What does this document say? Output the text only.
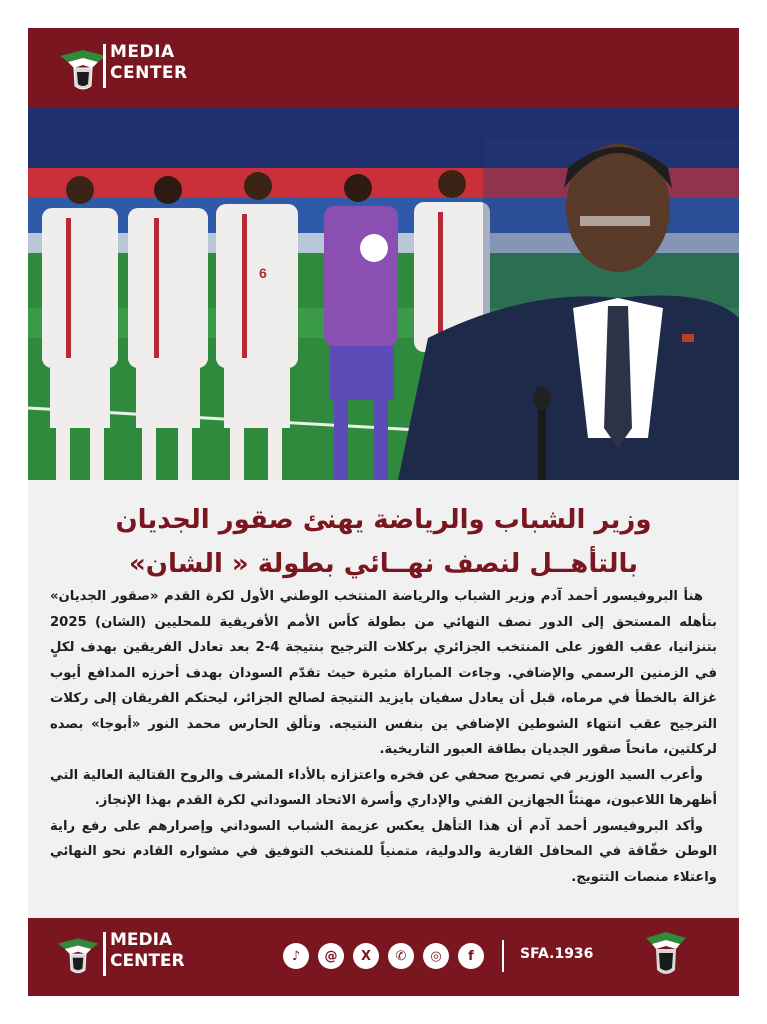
MEDIA
CENTER
6
وزير الشباب والرياضة يهنئ صقور الجديان
بالتأهــل لنصف نهــائي بطولة « الشان»

هنأ البروفيسور أحمد آدم وزير الشباب والرياضة المنتخب الوطني الأول لكرة القدم «صقور الجديان» بتأهله المستحق إلى الدور نصف النهائي من بطولة كأس الأمم الأفريقية للمحليين (الشان) 2025 بتنزانيا، عقب الفوز على المنتخب الجزائري بركلات الترجيح بنتيجة 4-2 بعد تعادل الفريقين بهدف لكلٍ في الزمنين الرسمي والإضافي. وجاءت المباراة مثيرة حيث تقدّم السودان بهدف أحرزه المدافع أيوب غزالة بالخطأ في مرماه، قبل أن يعادل سفيان بايزيد النتيجة لصالح الجزائر، ليحتكم الفريقان إلى ركلات الترجيح عقب انتهاء الشوطين الإضافي ين بنفس النتيجه. وتألق الحارس محمد النور «أبوجا» بصده لركلتين، مانحاً صقور الجديان بطاقة العبور التاريخية.

وأعرب السيد الوزير في تصريح صحفي عن فخره واعتزازه بالأداء المشرف والروح القتالية العالية التي أظهرها اللاعبون، مهنئاً الجهازين الفني والإداري وأسرة الاتحاد السوداني لكرة القدم بهذا الإنجاز.

وأكد البروفيسور أحمد آدم أن هذا التأهل يعكس عزيمة الشباب السوداني وإصرارهم على رفع راية الوطن خفّاقة في المحافل القارية والدولية، متمنياً للمنتخب التوفيق في مشواره القادم نحو النهائي واعتلاء منصات التتويج.

MEDIA
CENTER	♪	@	X	✆	◎	f	SFA.1936
